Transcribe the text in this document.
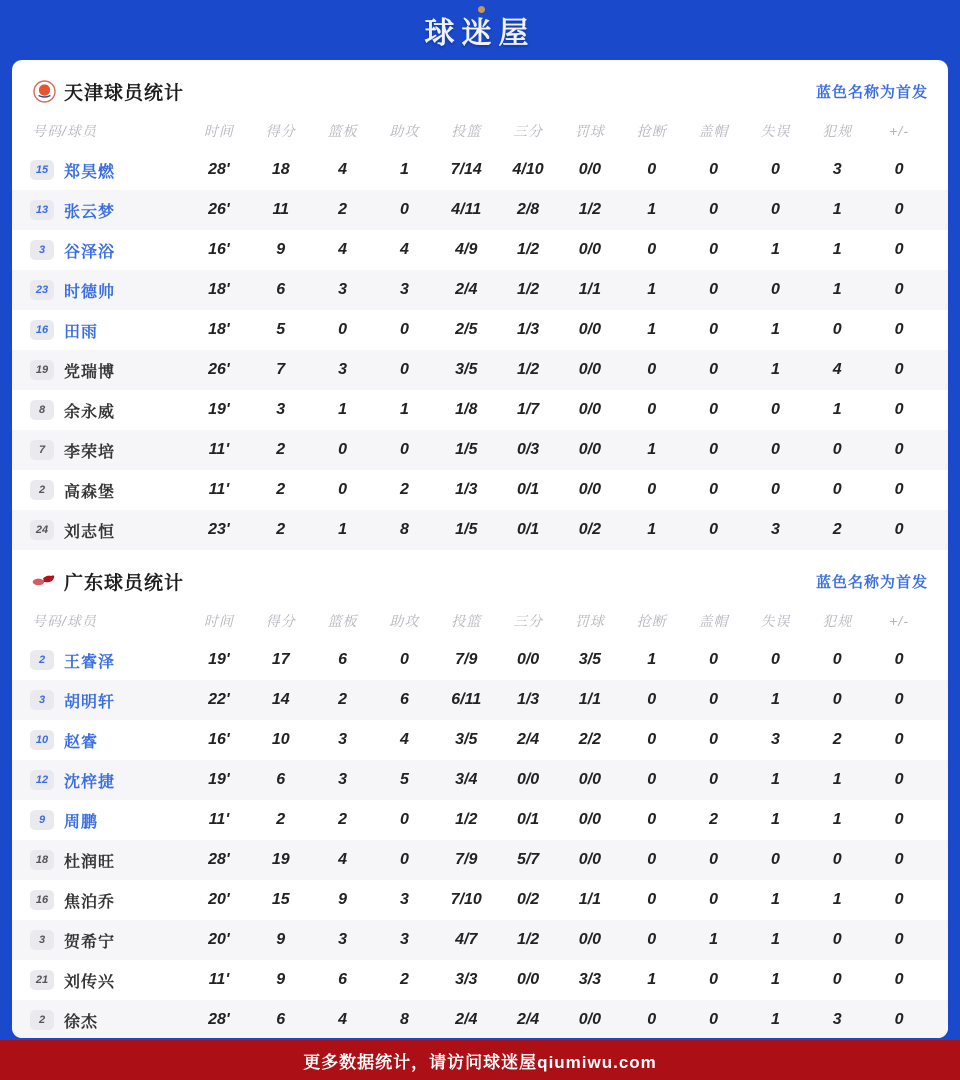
球迷屋
天津球员统计	蓝色名称为首发
号码/球员	时间	得分	篮板	助攻	投篮	三分	罚球	抢断	盖帽	失误	犯规	+/-
15 郑昊燃	28'	18	4	1	7/14	4/10	0/0	0	0	0	3	0
13 张云梦	26'	11	2	0	4/11	2/8	1/2	1	0	0	1	0
3	谷泽浴	16'	9	4	4	4/9	1/2	0/0	0	0	1	1	0
23 时德帅	18'	6	3	3	2/4	1/2	1/1	1	0	0	1	0
16 田雨	18'	5	0	0	2/5	1/3	0/0	1	0	1	0	0
19 党瑞博	26'	7	3	0	3/5	1/2	0/0	0	0	1	4	0
8	余永威	19'	3	1	1	1/8	1/7	0/0	0	0	0	1	0
7	李荣培	11'	2	0	0	1/5	0/3	0/0	1	0	0	0	0
2	高森堡	11'	2	0	2	1/3	0/1	0/0	0	0	0	0	0
24 刘志恒	23'	2	1	8	1/5	0/1	0/2	1	0	3	2	0
广东球员统计	蓝色名称为首发
号码/球员	时间	得分	篮板	助攻	投篮	三分	罚球	抢断	盖帽	失误	犯规	+/-
2	王睿泽	19'	17	6	0	7/9	0/0	3/5	1	0	0	0	0
3	胡明轩	22'	14	2	6	6/11	1/3	1/1	0	0	1	0	0
10 赵睿	16'	10	3	4	3/5	2/4	2/2	0	0	3	2	0
12 沈梓捷	19'	6	3	5	3/4	0/0	0/0	0	0	1	1	0
9	周鹏	11'	2	2	0	1/2	0/1	0/0	0	2	1	1	0
18 杜润旺	28'	19	4	0	7/9	5/7	0/0	0	0	0	0	0
16 焦泊乔	20'	15	9	3	7/10	0/2	1/1	0	0	1	1	0
3	贺希宁	20'	9	3	3	4/7	1/2	0/0	0	1	1	0	0
21 刘传兴	11'	9	6	2	3/3	0/0	3/3	1	0	1	0	0
2	徐杰	28'	6	4	8	2/4	2/4	0/0	0	0	1	3	0
更多数据统计，请访问球迷屋qiumiwu.com
